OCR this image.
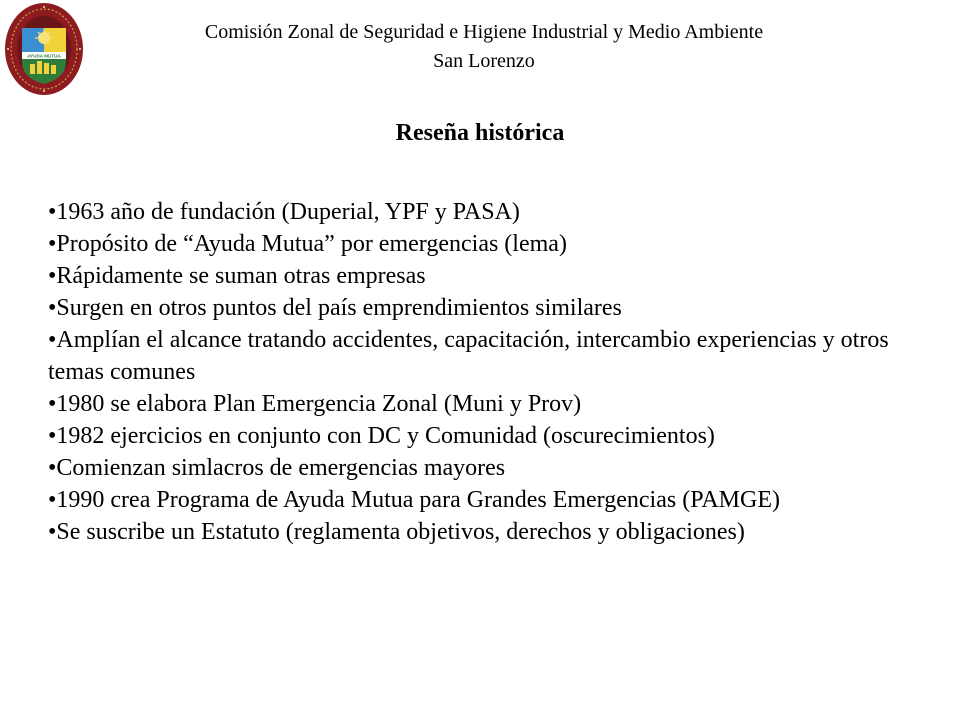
AYUDA MUTUA
Comisión Zonal de Seguridad e Higiene Industrial y Medio Ambiente
San Lorenzo
Reseña histórica
•1963 año de fundación (Duperial, YPF y PASA)
•Propósito de “Ayuda Mutua” por emergencias (lema)
•Rápidamente se suman otras empresas
•Surgen en otros puntos del país emprendimientos similares
•Amplían el alcance tratando accidentes, capacitación, intercambio experiencias y otros temas comunes
•1980 se elabora Plan Emergencia Zonal (Muni y Prov)
•1982 ejercicios en conjunto con DC y Comunidad (oscurecimientos)
•Comienzan simlacros de emergencias mayores
•1990 crea Programa de Ayuda Mutua para Grandes Emergencias (PAMGE)
•Se suscribe un Estatuto (reglamenta objetivos, derechos y obligaciones)
